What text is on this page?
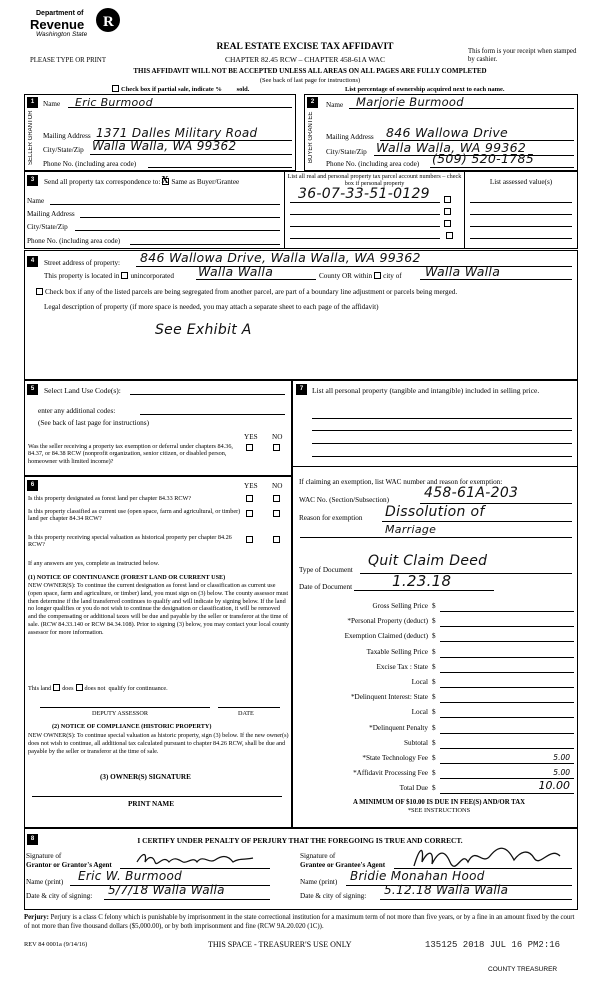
Department of
Revenue
Washington State
R
PLEASE TYPE OR PRINT
REAL ESTATE EXCISE TAX AFFIDAVIT
CHAPTER 82.45 RCW – CHAPTER 458-61A WAC
This form is your receipt when stamped by cashier.
THIS AFFIDAVIT WILL NOT BE ACCEPTED UNLESS ALL AREAS ON ALL PAGES ARE FULLY COMPLETED
(See back of last page for instructions)
Check box if partial sale, indicate % sold.	List percentage of ownership acquired next to each name.
1
SELLER GRANTOR
Name Eric Burmood
Mailing Address 1371 Dalles Military Road
City/State/Zip Walla Walla, WA 99362
Phone No. (including area code)
2
BUYER GRANTEE
Name Marjorie Burmood
Mailing Address 846 Wallowa Drive
City/State/Zip Walla Walla, WA 99362
Phone No. (including area code) (509) 520-1785
3	Send all property tax correspondence to: X Same as Buyer/Grantee
Name
Mailing Address
City/State/Zip
Phone No. (including area code)
List all real and personal property tax parcel account numbers – check box if personal property
36-07-33-51-0129
List assessed value(s)
4	Street address of property: 846 Wallowa Drive, Walla Walla, WA 99362
This property is located in unincorporated Walla Walla	County OR within city of Walla Walla
Check box if any of the listed parcels are being segregated from another parcel, are part of a boundary line adjustment or parcels being merged.
Legal description of property (if more space is needed, you may attach a separate sheet to each page of the affidavit)
See Exhibit A
5	Select Land Use Code(s):
enter any additional codes:
(See back of last page for instructions)
YES NO
Was the seller receiving a property tax exemption or deferral under chapters 84.36, 84.37, or 84.38 RCW (nonprofit organization, senior citizen, or disabled person, homeowner with limited income)?
6	YES NO
Is this property designated as forest land per chapter 84.33 RCW?
Is this property classified as current use (open space, farm and agricultural, or timber) land per chapter 84.34 RCW?
Is this property receiving special valuation as historical property per chapter 84.26 RCW?
If any answers are yes, complete as instructed below.
(1) NOTICE OF CONTINUANCE (FOREST LAND OR CURRENT USE)
NEW OWNER(S): To continue the current designation as forest land or classification as current use (open space, farm and agriculture, or timber) land, you must sign on (3) below. The county assessor must then determine if the land transferred continues to qualify and will indicate by signing below. If the land no longer qualifies or you do not wish to continue the designation or classification, it will be removed and the compensating or additional taxes will be due and payable by the seller or transferor at the time of sale. (RCW 84.33.140 or RCW 84.34.108). Prior to signing (3) below, you may contact your local county assessor for more information.
This land does does not qualify for continuance.
DEPUTY ASSESSOR	DATE
(2) NOTICE OF COMPLIANCE (HISTORIC PROPERTY)
NEW OWNER(S): To continue special valuation as historic property, sign (3) below. If the new owner(s) does not wish to continue, all additional tax calculated pursuant to chapter 84.26 RCW, shall be due and payable by the seller or transferor at the time of sale.
(3) OWNER(S) SIGNATURE
PRINT NAME
7	List all personal property (tangible and intangible) included in selling price.
If claiming an exemption, list WAC number and reason for exemption:
WAC No. (Section/Subsection) 458-61A-203
Reason for exemption Dissolution of
Marriage
Type of Document
Quit Claim Deed
Date of Document	1.23.18
Gross Selling Price $
*Personal Property (deduct) $
Exemption Claimed (deduct) $
Taxable Selling Price $
Excise Tax : State $
Local $
*Delinquent Interest: State $
Local $
*Delinquent Penalty $
Subtotal $
*State Technology Fee $	5.00
*Affidavit Processing Fee $	5.00
Total Due $	10.00
A MINIMUM OF $10.00 IS DUE IN FEE(S) AND/OR TAX
*SEE INSTRUCTIONS
8	I CERTIFY UNDER PENALTY OF PERJURY THAT THE FOREGOING IS TRUE AND CORRECT.
Signature of
Grantor or Grantor's Agent
Name (print) Eric W. Burmood
Date & city of signing: 5/7/18 Walla Walla
Signature of
Grantee or Grantee's Agent
Name (print) Bridie Monahan Hood
Date & city of signing: 5.12.18 Walla Walla
Perjury: Perjury is a class C felony which is punishable by imprisonment in the state correctional institution for a maximum term of not more than five years, or by a fine in an amount fixed by the court of not more than five thousand dollars ($5,000.00), or by both imprisonment and fine (RCW 9A.20.020 (1C)).
REV 84 0001a (9/14/16)	THIS SPACE - TREASURER'S USE ONLY	135125 2018 JUL 16 PM2:16
COUNTY TREASURER
